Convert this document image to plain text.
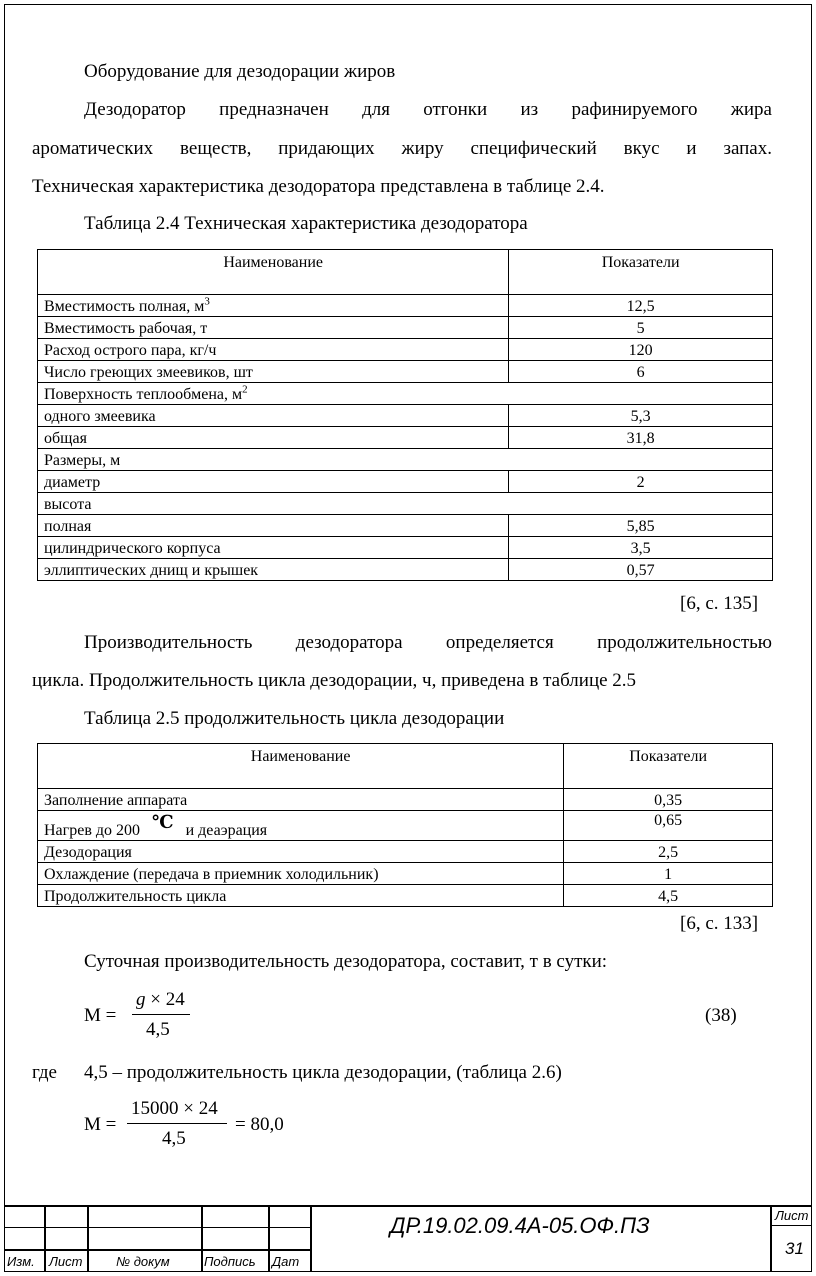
Оборудование для дезодорации жиров
Дезодоратор предназначен для отгонки из рафинируемого жира
ароматических веществ, придающих жиру специфический вкус и запах.
Техническая характеристика дезодоратора представлена в таблице 2.4.
Таблица 2.4 Техническая характеристика дезодоратора
Наименование	Показатели
Вместимость полная, $м^3$	12,5
Вместимость рабочая, т	5
Расход острого пара, кг/ч	120
Число греющих змеевиков, шт	6
Поверхность теплообмена, $м^2$
одного змеевика	5,3
общая	31,8
Размеры, м	
диаметр	2
высота	
полная	5,85
цилиндрического корпуса	3,5
эллиптических днищ и крышек	0,57
[6, с. 135]
Производительность дезодоратора определяется продолжительностью
цикла. Продолжительность цикла дезодорации, ч, приведена в таблице 2.5
Таблица 2.5 продолжительность цикла дезодорации
Наименование	Показатели
Заполнение аппарата	0,35
Нагрев до 200 ℃ и деаэрация	0,65
Дезодорация	2,5
Охлаждение (передача в приемник холодильник)	1
Продолжительность цикла	4,5
[6, с. 133]
Суточная производительность дезодоратора, составит, т в сутки:
M =
g × 24
4,5
(38)
где 4,5 – продолжительность цикла дезодорации, (таблица 2.6)
M =
15000 × 24
4,5
= 80,0
Изм. Лист	№ докум	Подпись Дат
ДР.19.02.09.4А-05.ОФ.ПЗ	Лист
31
